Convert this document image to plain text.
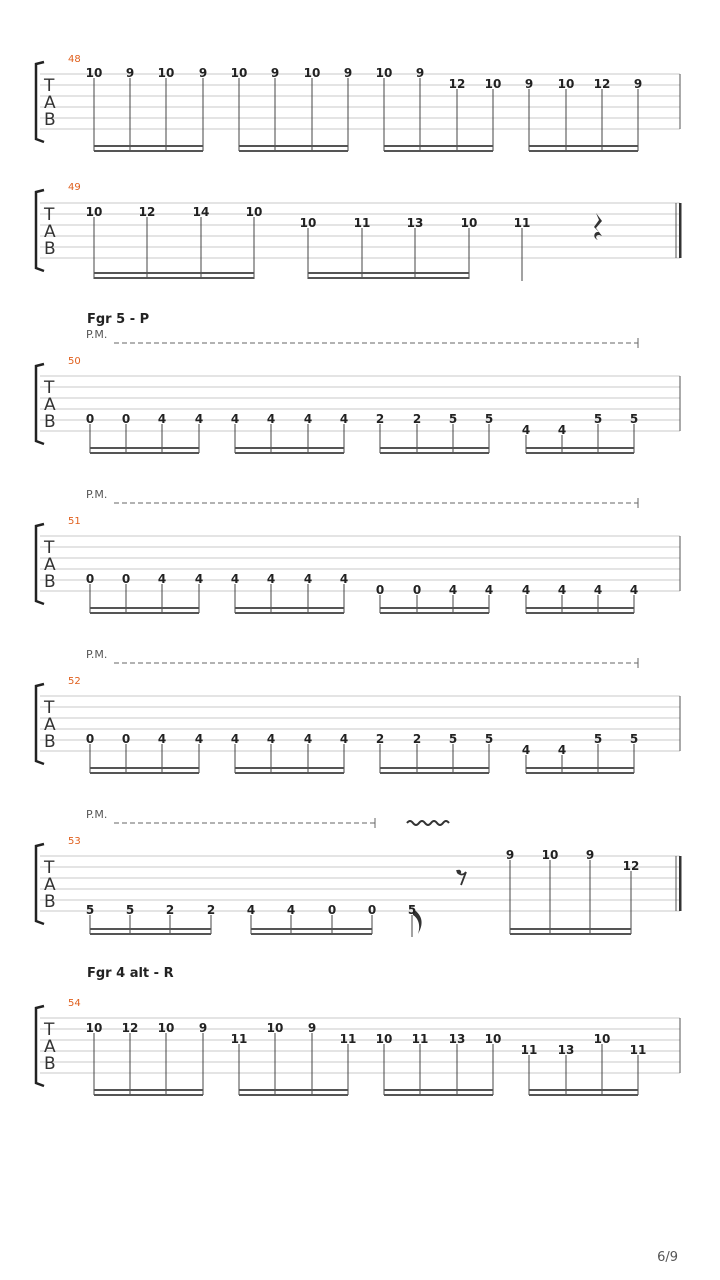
48
T
A
B
10 9 10 9 10 9 10 9 10 9
12 10 9 10 12 9
49
T
A
B
10	12	14	10
10	11	13	10	11
Fgr 5 - P
P.M.
50
T
A
B	0 0 4 4 4 4 4 4 2 2 5 5
4 4
5 5
P.M.
51
T
A
B	0 0 4 4 4 4 4 4
0 0 4 4 4 4 4 4
P.M.
52
T
A
B	0 0 4 4 4 4 4 4 2 2 5 5
4 4
5 5
P.M.
53
T
A
B	5	5	2	2	4	4	0	0	5
9 10 9
12
Fgr 4 alt - R
54
T
A
B
10 12 10 9
11
10 9
11 10 11 13 10
11 13
10
11
6/9
